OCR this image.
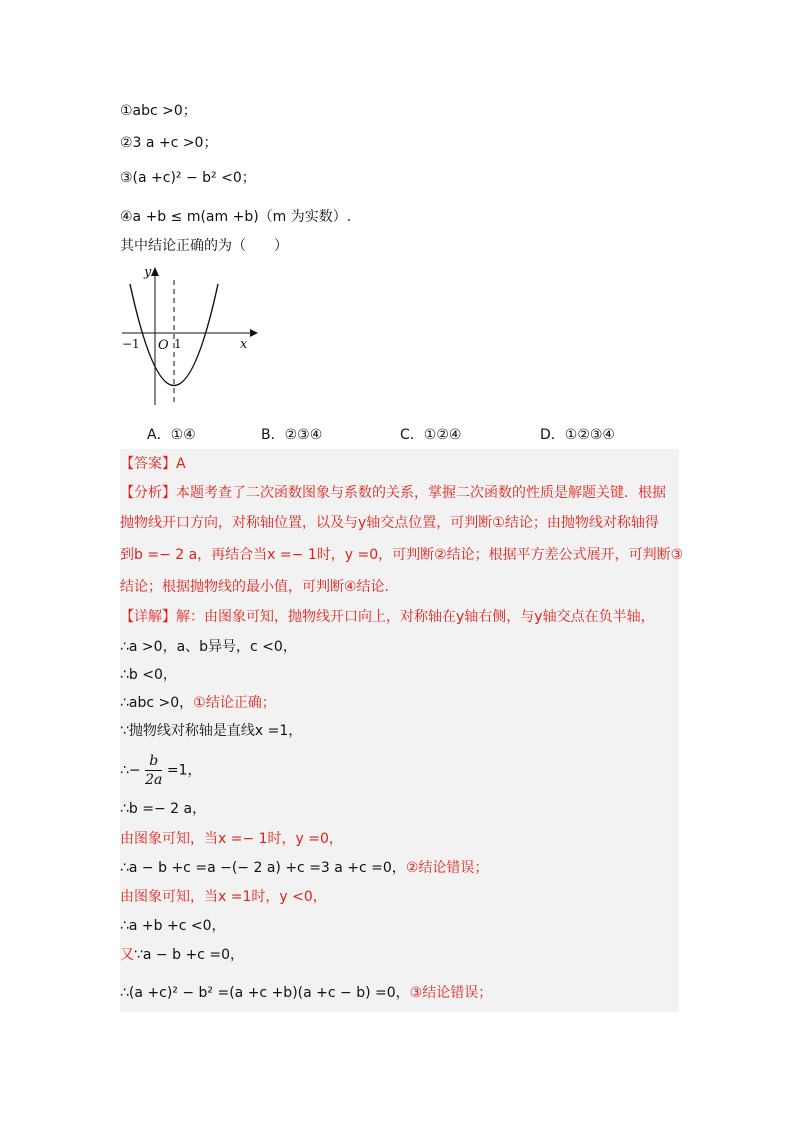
①abc >0；
②3 a +c >0；
③(a +c)² − b² <0；
④a +b ≤ m(am +b)（m 为实数）.
其中结论正确的为（　　）
y
x
−1 O 1
A．①④	B．②③④	C．①②④	D．①②③④
【答案】A
【分析】本题考查了二次函数图象与系数的关系，掌握二次函数的性质是解题关键．根据
抛物线开口方向，对称轴位置，以及与y轴交点位置，可判断①结论；由抛物线对称轴得
到b =− 2 a，再结合当x =− 1时，y =0，可判断②结论；根据平方差公式展开，可判断③
结论；根据抛物线的最小值，可判断④结论.
【详解】解：由图象可知，抛物线开口向上，对称轴在y轴右侧，与y轴交点在负半轴，
∴a >0，a、b异号，c <0，
∴b <0，
∴abc >0，①结论正确；
∵抛物线对称轴是直线x =1，
∴− $\frac{b}{2a} =1$，
∴b =− 2 a，
由图象可知，当x =− 1时，y =0，
∴a − b +c =a −(− 2 a) +c =3 a +c =0，②结论错误；
由图象可知，当x =1时，y <0，
∴a +b +c <0，
又∵a − b +c =0，
∴(a +c)² − b² =(a +c +b)(a +c − b) =0，③结论错误；
